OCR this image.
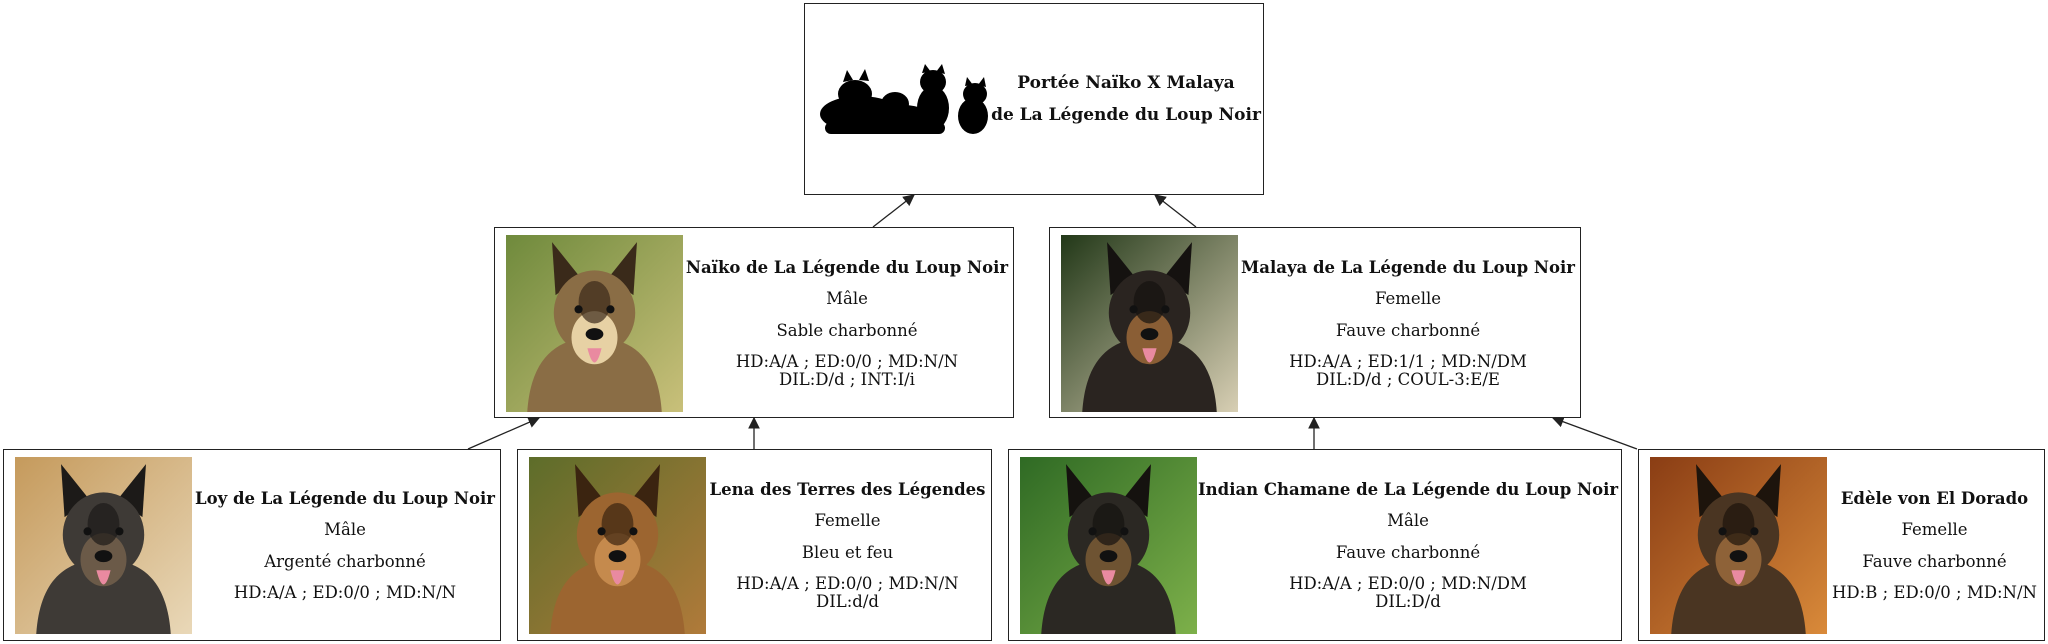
Portée Naïko X Malaya
de La Légende du Loup Noir
Naïko de La Légende du Loup Noir
Mâle
Sable charbonné
HD:A/A ; ED:0/0 ; MD:N/N
DIL:D/d ; INT:I/i
Malaya de La Légende du Loup Noir
Femelle
Fauve charbonné
HD:A/A ; ED:1/1 ; MD:N/DM
DIL:D/d ; COUL-3:E/E
Loy de La Légende du Loup Noir
Mâle
Argenté charbonné
HD:A/A ; ED:0/0 ; MD:N/N
Lena des Terres des Légendes
Femelle
Bleu et feu
HD:A/A ; ED:0/0 ; MD:N/N
DIL:d/d
Indian Chamane de La Légende du Loup Noir
Mâle
Fauve charbonné
HD:A/A ; ED:0/0 ; MD:N/DM
DIL:D/d
Edèle von El Dorado
Femelle
Fauve charbonné
HD:B ; ED:0/0 ; MD:N/N
